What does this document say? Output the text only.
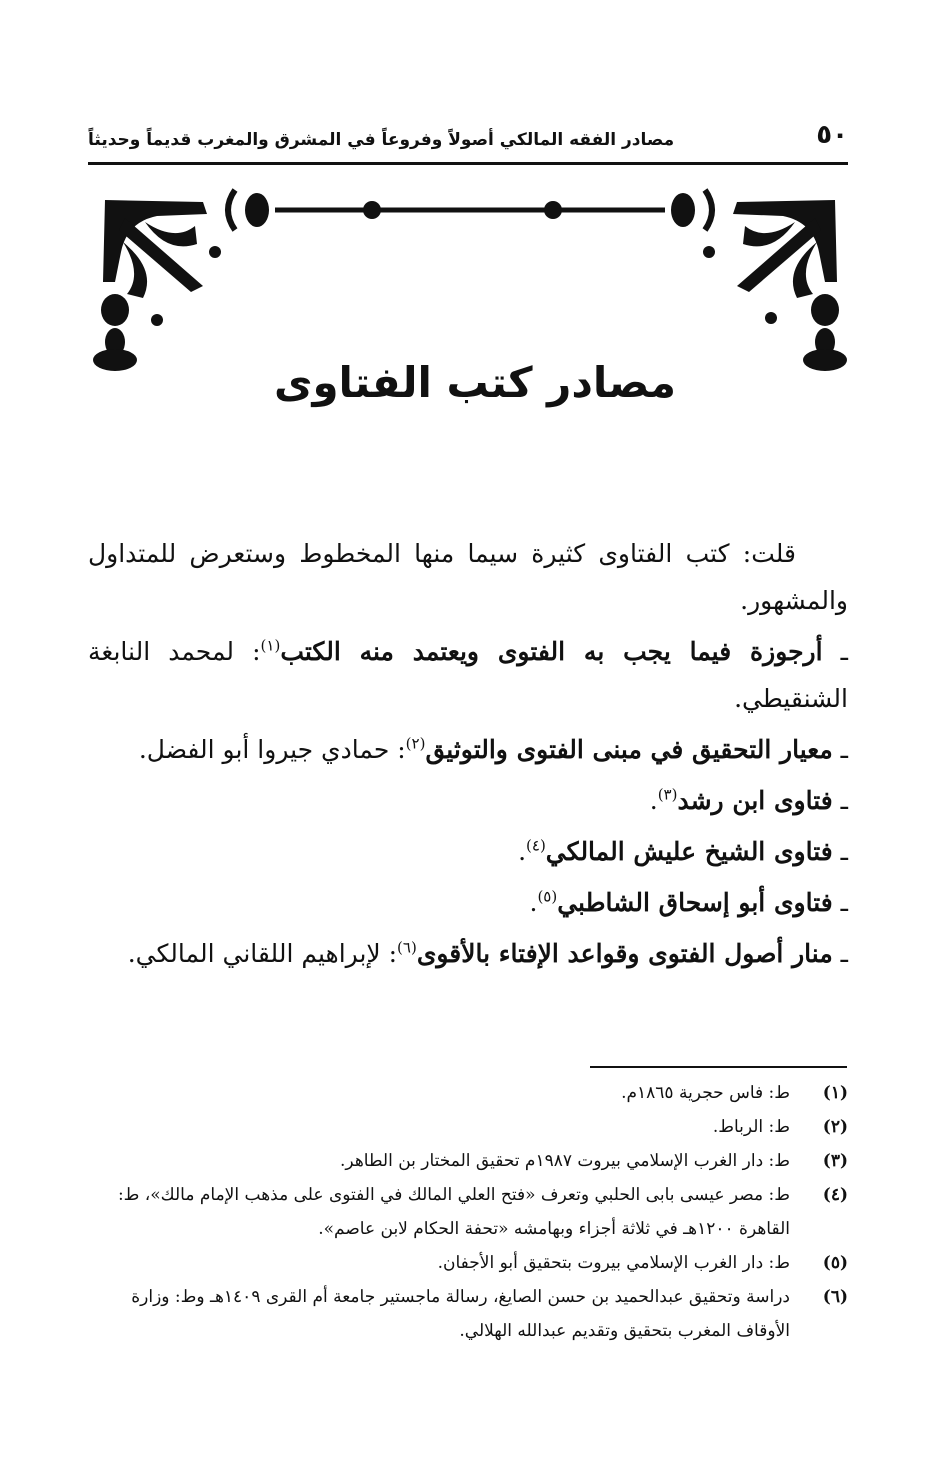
٥٠
مصادر الفقه المالكي أصولاً وفروعاً في المشرق والمغرب قديماً وحديثاً
مصادر كتب الفتاوى

قلت: كتب الفتاوى كثيرة سيما منها المخطوط وستعرض للمتداول والمشهور.

ـ أرجوزة فيما يجب به الفتوى ويعتمد منه الكتب$^{(١)}$: لمحمد النابغة الشنقيطي.

ـ معيار التحقيق في مبنى الفتوى والتوثيق$^{(٢)}$: حمادي جيروا أبو الفضل.

ـ فتاوى ابن رشد$^{(٣)}$.

ـ فتاوى الشيخ عليش المالكي$^{(٤)}$.

ـ فتاوى أبو إسحاق الشاطبي$^{(٥)}$.

ـ منار أصول الفتوى وقواعد الإفتاء بالأقوى$^{(٦)}$: لإبراهيم اللقاني المالكي.

(١)
ط: فاس حجرية ١٨٦٥م.

(٢)
ط: الرباط.

(٣)
ط: دار الغرب الإسلامي بيروت ١٩٨٧م تحقيق المختار بن الطاهر.

(٤)
ط: مصر عيسى بابى الحلبي وتعرف «فتح العلي المالك في الفتوى على مذهب الإمام مالك»، ط: القاهرة ١٢٠٠هـ في ثلاثة أجزاء وبهامشه «تحفة الحكام لابن عاصم».

(٥)
ط: دار الغرب الإسلامي بيروت بتحقيق أبو الأجفان.

(٦)
دراسة وتحقيق عبدالحميد بن حسن الصايغ، رسالة ماجستير جامعة أم القرى ١٤٠٩هـ وط: وزارة الأوقاف المغرب بتحقيق وتقديم عبدالله الهلالي.
